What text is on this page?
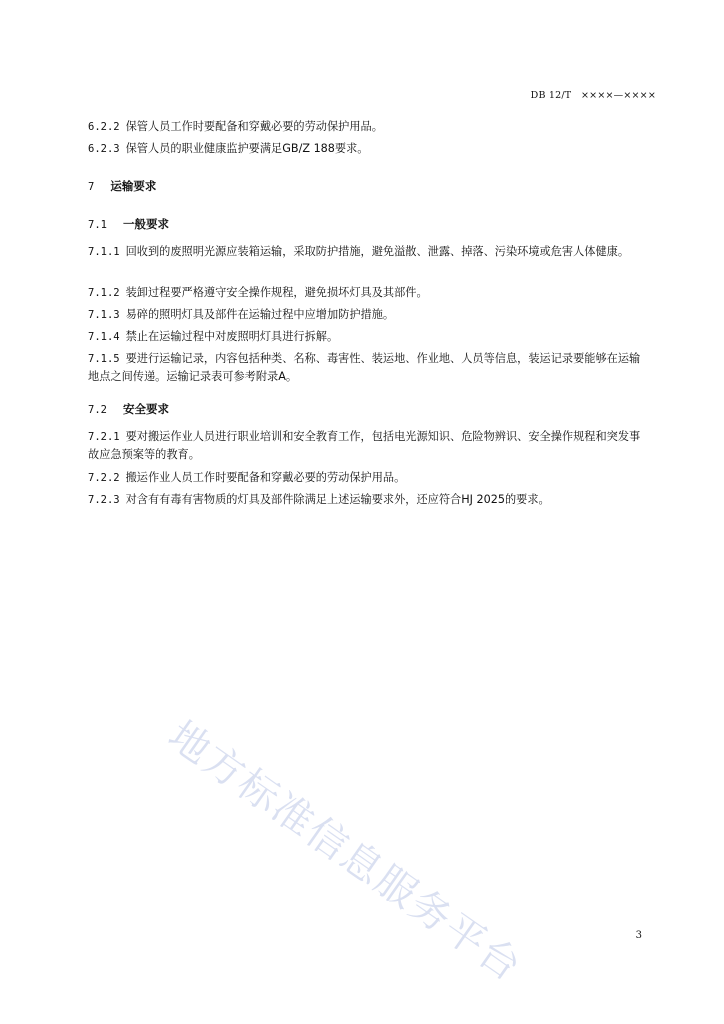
DB 12/T　××××—××××
6.2.2 保管人员工作时要配备和穿戴必要的劳动保护用品。
6.2.3 保管人员的职业健康监护要满足GB/Z 188要求。
7 运输要求
7.1 一般要求
7.1.1 回收到的废照明光源应装箱运输，采取防护措施，避免溢散、泄露、掉落、污染环境或危害人体健康。
7.1.2 装卸过程要严格遵守安全操作规程，避免损坏灯具及其部件。
7.1.3 易碎的照明灯具及部件在运输过程中应增加防护措施。
7.1.4 禁止在运输过程中对废照明灯具进行拆解。
7.1.5 要进行运输记录，内容包括种类、名称、毒害性、装运地、作业地、人员等信息，装运记录要能够在运输地点之间传递。运输记录表可参考附录A。
7.2 安全要求
7.2.1 要对搬运作业人员进行职业培训和安全教育工作，包括电光源知识、危险物辨识、安全操作规程和突发事故应急预案等的教育。
7.2.2 搬运作业人员工作时要配备和穿戴必要的劳动保护用品。
7.2.3 对含有有毒有害物质的灯具及部件除满足上述运输要求外，还应符合HJ 2025的要求。
地方标准信息服务平台	3
